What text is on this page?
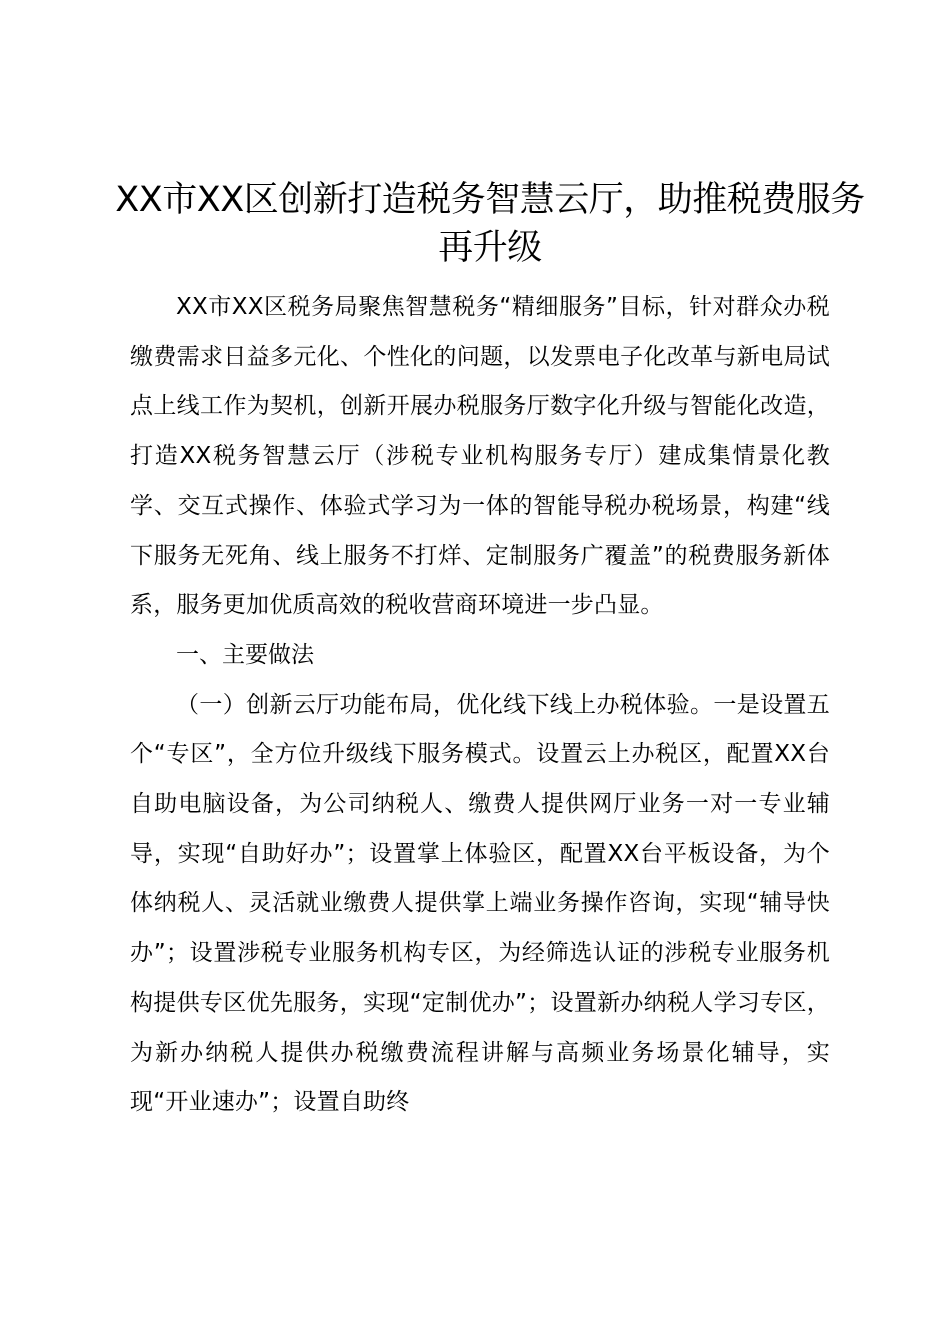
XX市XX区创新打造税务智慧云厅，助推税费服务再升级

XX市XX区税务局聚焦智慧税务“精细服务”目标，针对群众办税缴费需求日益多元化、个性化的问题，以发票电子化改革与新电局试点上线工作为契机，创新开展办税服务厅数字化升级与智能化改造，打造XX税务智慧云厅（涉税专业机构服务专厅）建成集情景化教学、交互式操作、体验式学习为一体的智能导税办税场景，构建“线下服务无死角、线上服务不打烊、定制服务广覆盖”的税费服务新体系，服务更加优质高效的税收营商环境进一步凸显。

一、主要做法

（一）创新云厅功能布局，优化线下线上办税体验。一是设置五个“专区”，全方位升级线下服务模式。设置云上办税区，配置XX台自助电脑设备，为公司纳税人、缴费人提供网厅业务一对一专业辅导，实现“自助好办”；设置掌上体验区，配置XX台平板设备，为个体纳税人、灵活就业缴费人提供掌上端业务操作咨询，实现“辅导快办”；设置涉税专业服务机构专区，为经筛选认证的涉税专业服务机构提供专区优先服务，实现“定制优办”；设置新办纳税人学习专区，为新办纳税人提供办税缴费流程讲解与高频业务场景化辅导，实现“开业速办”；设置自助终
